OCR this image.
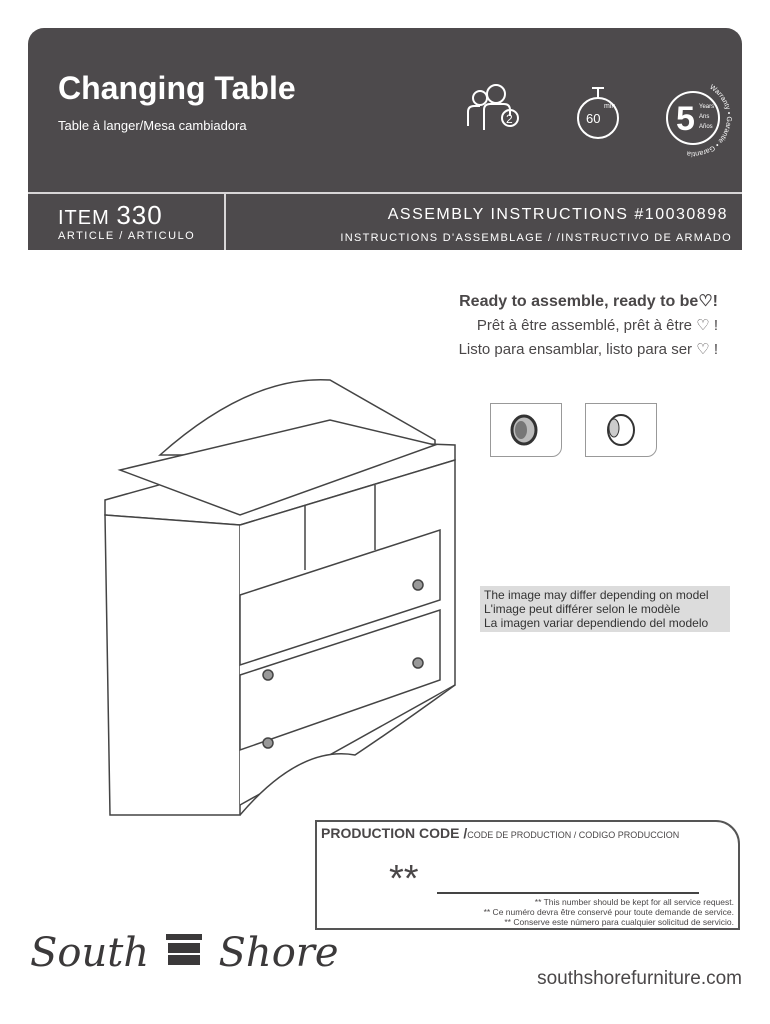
Changing Table
Table à langer/Mesa cambiadora	2	60
min
Warranty • Garantie • Garantía
5 Years
Ans
Años
ITEM 330
ARTICLE / ARTICULO
ASSEMBLY INSTRUCTIONS #10030898
INSTRUCTIONS D'ASSEMBLAGE / /INSTRUCTIVO DE ARMADO
Ready to assemble, ready to be♡!
Prêt à être assemblé, prêt à être ♡ !
Listo para ensamblar, listo para ser ♡ !
The image may differ depending on model
L'image peut différer selon le modèle
La imagen variar dependiendo del modelo
PRODUCTION CODE /CODE DE PRODUCTION / CODIGO PRODUCCION
**
** This number should be kept for all service request.
** Ce numéro devra être conservé pour toute demande de service.
** Conserve este número para cualquier solicitud de servicio.
South Shore
southshorefurniture.com
